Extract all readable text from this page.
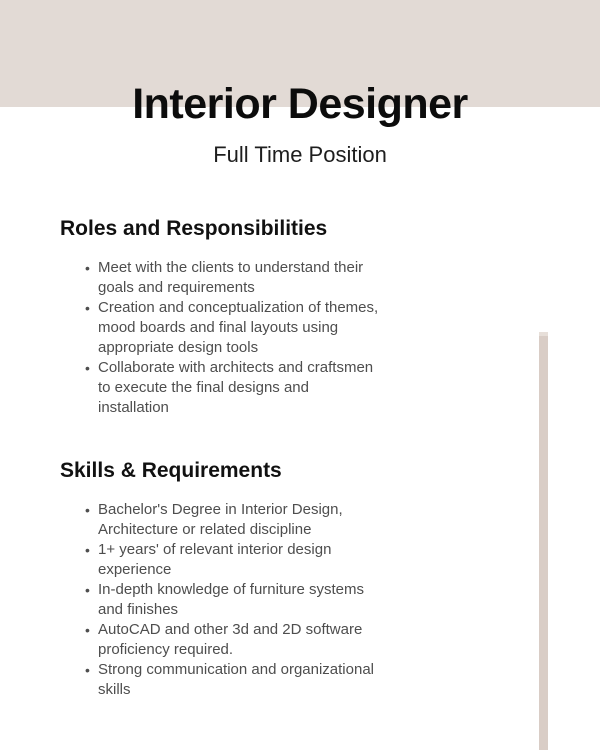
Interior Designer
Full Time Position
Roles and Responsibilities
• Meet with the clients to understand their
goals and requirements
• Creation and conceptualization of themes,
mood boards and final layouts using
appropriate design tools
• Collaborate with architects and craftsmen
to execute the final designs and
installation
Skills & Requirements
• Bachelor's Degree in Interior Design,
Architecture or related discipline
• 1+ years' of relevant interior design
experience
• In-depth knowledge of furniture systems
and finishes
• AutoCAD and other 3d and 2D software
proficiency required.
• Strong communication and organizational
skills
